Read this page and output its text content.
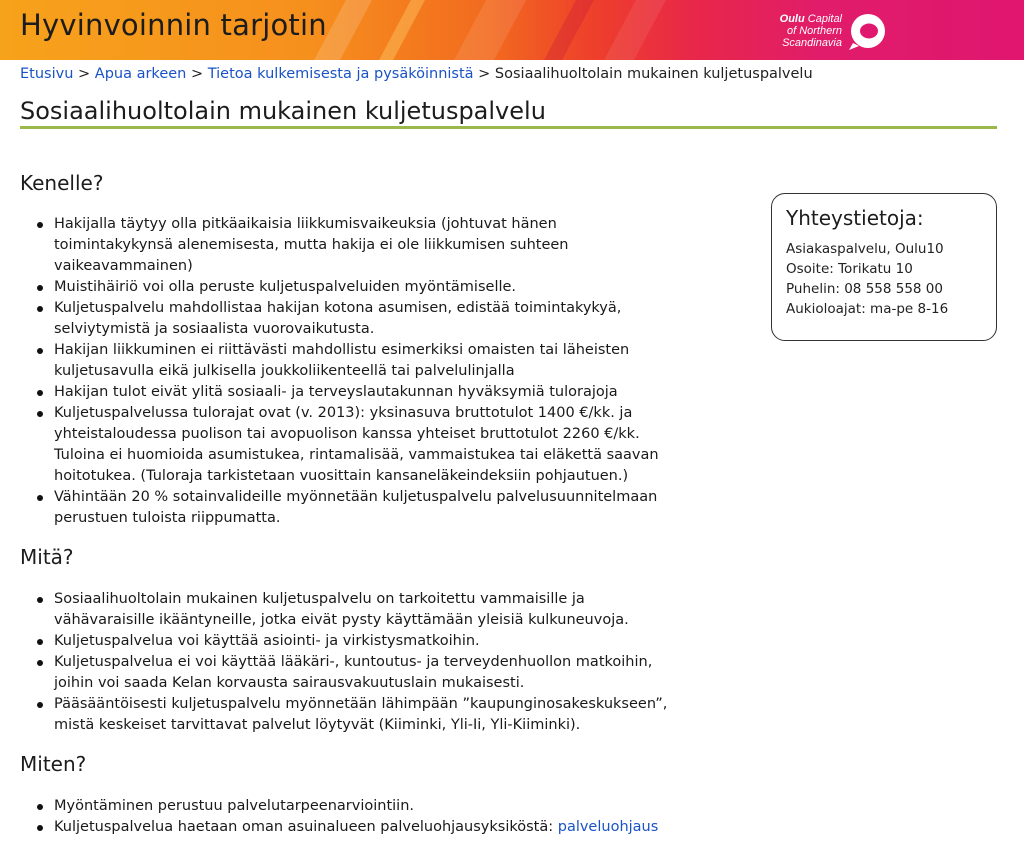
Hyvinvoinnin tarjotin	Oulu Capital
of Northern
Scandinavia
Etusivu > Apua arkeen > Tietoa kulkemisesta ja pysäköinnistä > Sosiaalihuoltolain mukainen kuljetuspalvelu
Sosiaalihuoltolain mukainen kuljetuspalvelu
Kenelle?
Hakijalla täytyy olla pitkäaikaisia liikkumisvaikeuksia (johtuvat hänen toimintakykynsä alenemisesta, mutta hakija ei ole liikkumisen suhteen vaikeavammainen)
Muistihäiriö voi olla peruste kuljetuspalveluiden myöntämiselle.
Kuljetuspalvelu mahdollistaa hakijan kotona asumisen, edistää toimintakykyä, selviytymistä ja sosiaalista vuorovaikutusta.
Hakijan liikkuminen ei riittävästi mahdollistu esimerkiksi omaisten tai läheisten kuljetusavulla eikä julkisella joukkoliikenteellä tai palvelulinjalla
Hakijan tulot eivät ylitä sosiaali- ja terveyslautakunnan hyväksymiä tulorajoja
Kuljetuspalvelussa tulorajat ovat (v. 2013): yksinasuva bruttotulot 1400 €/kk. ja yhteistaloudessa puolison tai avopuolison kanssa yhteiset bruttotulot 2260 €/kk. Tuloina ei huomioida asumistukea, rintamalisää, vammaistukea tai eläkettä saavan hoitotukea. (Tuloraja tarkistetaan vuosittain kansaneläkeindeksiin pohjautuen.)
Vähintään 20 % sotainvalideille myönnetään kuljetuspalvelu palvelusuunnitelmaan perustuen tuloista riippumatta.
Mitä?
Sosiaalihuoltolain mukainen kuljetuspalvelu on tarkoitettu vammaisille ja vähävaraisille ikääntyneille, jotka eivät pysty käyttämään yleisiä kulkuneuvoja.
Kuljetuspalvelua voi käyttää asiointi- ja virkistysmatkoihin.
Kuljetuspalvelua ei voi käyttää lääkäri-, kuntoutus- ja terveydenhuollon matkoihin, joihin voi saada Kelan korvausta sairausvakuutuslain mukaisesti.
Pääsääntöisesti kuljetuspalvelu myönnetään lähimpään ”kaupunginosakeskukseen”, mistä keskeiset tarvittavat palvelut löytyvät (Kiiminki, Yli-Ii, Yli-Kiiminki).
Miten?
Myöntäminen perustuu palvelutarpeenarviointiin.
Kuljetuspalvelua haetaan oman asuinalueen palveluohjausyksiköstä: palveluohjaus
Yhteystietoja:
Asiakaspalvelu, Oulu10
Osoite: Torikatu 10
Puhelin: 08 558 558 00
Aukioloajat: ma-pe 8-16
